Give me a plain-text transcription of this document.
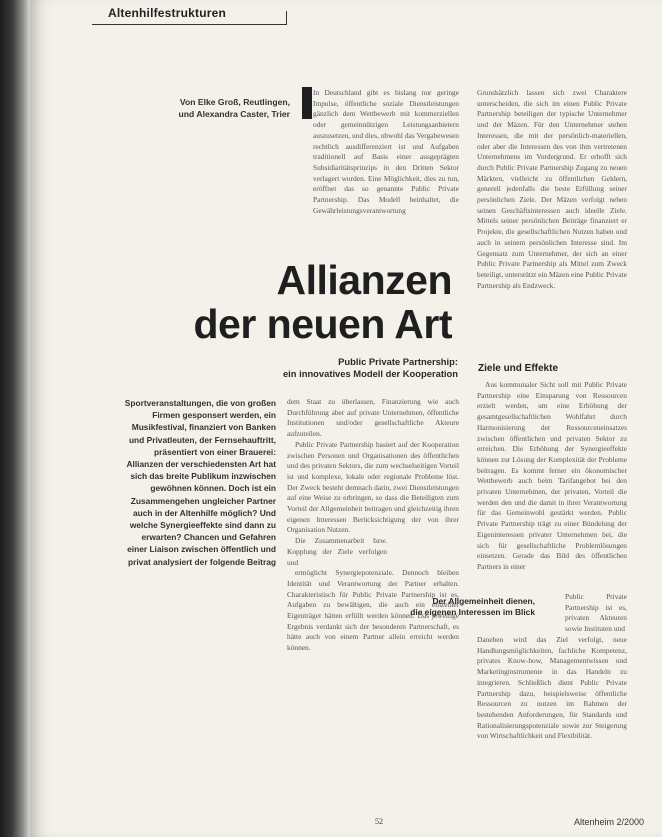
Altenhilfestrukturen
Von Elke Groß, Reutlingen,
und Alexandra Caster, Trier

In Deutschland gibt es bislang nur geringe Impulse, öffentliche soziale Dienstleistungen gänzlich dem Wettbewerb mit kommerziellen oder gemeinnützigen Leistungsanbietern auszusetzen, und dies, obwohl das Vergabewesen rechtlich ausdifferenziert ist und Aufgaben traditionell auf Basis einer ausgeprägten Subsidiaritätsprinzips in den Dritten Sektor verlagert wurden. Eine Möglichkeit, dies zu tun, eröffnet das so genannte Public Private Partnership. Das Modell beinhaltet, die Gewährleistungsverantwortung

Grundsätzlich lassen sich zwei Charaktere unterscheiden, die sich im einen Public Private Partnership beteiligen der typische Unternehmer und der Mäzen. Für den Unternehmer stehen Interessen, die mit der persönlich-materiellen, oder aber die Interessen des von ihm vertretenen Unternehmens im Vordergrund. Er erhofft sich durch Public Private Partnership Zugang zu neuen Märkten, vielleicht zu öffentlichen Geldern, generell jedenfalls die beste Erfüllung seiner persönlichen Ziele. Der Mäzen verfolgt neben seinen Geschäftsinteressen auch ideelle Ziele. Mittels seiner persönlichen Beiträge finanziert er Projekte, die gesellschaftlichen Nutzen haben und auch in seinem persönlichen Interesse sind. Im Gegensatz zum Unternehmer, der sich an einer Public Private Partnership als Mittel zum Zweck beteiligt, unterstützt ein Mäzen eine Public Private Partnership als Endzweck.

Allianzen
der neuen Art
Public Private Partnership:
ein innovatives Modell der Kooperation
Sportveranstaltungen, die von großen Firmen gesponsert werden, ein Musikfestival, finanziert von Banken und Privatleuten, der Fernsehauftritt, präsentiert von einer Brauerei: Allianzen der verschiedensten Art hat sich das breite Publikum inzwischen gewöhnen können. Doch ist ein Zusammengehen ungleicher Partner auch in der Altenhilfe möglich? Und welche Synergieeffekte sind dann zu erwarten? Chancen und Gefahren einer Liaison zwischen öffentlich und privat analysiert der folgende Beitrag

dem Staat zu überlassen, Finanzierung wie auch Durchführung aber auf private Unternehmen, öffentliche Institutionen und/oder gesellschaftliche Akteure aufzuteilen.

Public Private Partnership basiert auf der Kooperation zwischen Personen und Organisationen des öffentlichen und des privaten Sektors, die zum wechselseitigen Vorteil ist und komplexe, lokale oder regionale Probleme löst. Der Zweck besteht demnach darin, zwei Dienstleistungen auf eine Weise zu erbringen, so dass die Beteiligten zum Vorteil der Allgemeinheit beitragen und gleichzeitig ihren eigenen Interessen Berücksichtigung der von ihrer Organisation Nutzen.

Die Zusammenarbeit bzw. Kopplung der Ziele verfolgen und

ermöglicht Synergiepotenziale. Dennoch bleiben Identität und Verantwortung der Partner erhalten. Charakteristisch für Public Private Partnership ist es, Aufgaben zu bewältigen, die auch ein einzelner Eigenträger hätten erfüllt werden können. Das jeweilige Ergebnis verdankt sich der besonderen Partnerschaft, es hätte auch von einem Partner allein erreicht werden können.

Der Allgemeinheit dienen,
die eigenen Interessen im Blick
Ziele und Effekte

Aus kommunaler Sicht soll mit Public Private Partnership eine Einsparung von Ressourcen erzielt werden, um eine Erhöhung der gesamtgesellschaftlichen Wohlfahrt durch Harmonisierung der Ressourceneinsatzes zwischen öffentlichen und privaten Sektor zu erreichen. Die Erhöhung der Synergieeffekte können zur Lösung der Komplexität der Probleme beitragen. Es kommt ferner ein ökonomischer Wettbewerb auch beim Tarifangebot bei den privaten Unternehmen, der privaten, Vorteil die werden den und die damit in ihrer Verantwortung für das Gemeinwohl gestärkt werden. Public Private Partnership trägt zu einer Bündelung der Eigeninteressen privater Unternehmen bei, die sich für gesellschaftliche Problemlösungen einsetzen. Gerade das Bild des öffentlichen Partners in einer

Public Private Partnership ist es, privaten Akteuren sowie Instituten und

Daneben wird das Ziel verfolgt, neue Handlungsmöglichkeiten, fachliche Kompetenz, privates Know-how, Managementwissen und Marketinginstrumente in das Handeln zu integrieren. Schließlich dient Public Private Partnership dazu, beispielsweise öffentliche Ressourcen zu nutzen im Rahmen der bestehenden Anforderungen, für Standards und Rationalisierungspotenziale sowie zur Steigerung von Wirtschaftlichkeit und Flexibilität.

52	Altenheim 2/2000
